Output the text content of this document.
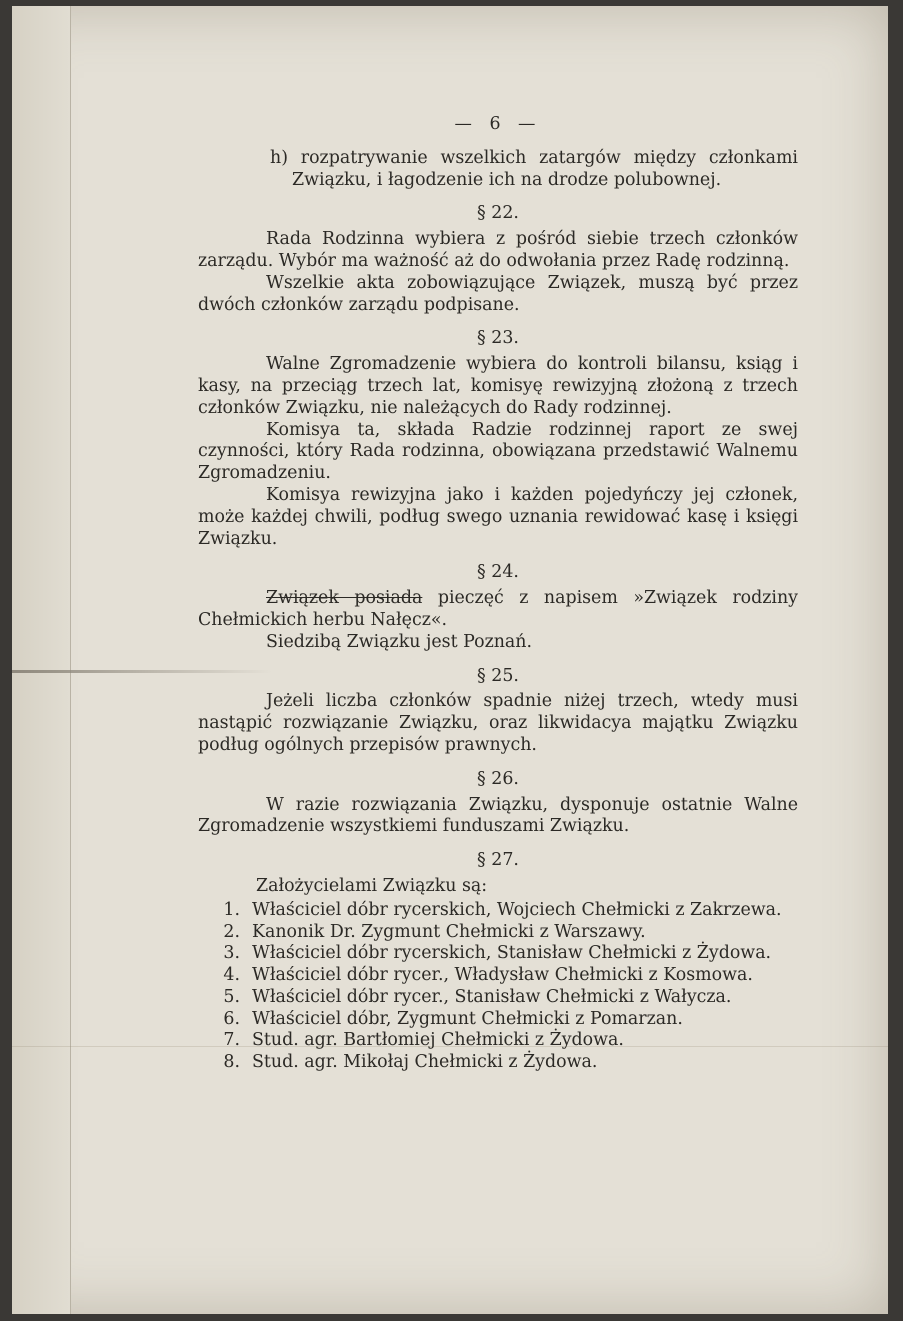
— 6 —

h) rozpatrywanie wszelkich zatargów między członkami Związku, i łagodzenie ich na drodze polubownej.

§ 22.

Rada Rodzinna wybiera z pośród siebie trzech członków zarządu. Wybór ma ważność aż do odwołania przez Radę rodzinną.

Wszelkie akta zobowiązujące Związek, muszą być przez dwóch członków zarządu podpisane.

§ 23.

Walne Zgromadzenie wybiera do kontroli bilansu, ksiąg i kasy, na przeciąg trzech lat, komisyę rewizyjną złożoną z trzech członków Związku, nie należących do Rady rodzinnej.

Komisya ta, składa Radzie rodzinnej raport ze swej czynności, który Rada rodzinna, obowiązana przedstawić Walnemu Zgromadzeniu.

Komisya rewizyjna jako i każden pojedyńczy jej członek, może każdej chwili, podług swego uznania rewidować kasę i księgi Związku.

§ 24.

Związek posiada pieczęć z napisem »Związek rodziny Chełmickich herbu Nałęcz«.

Siedzibą Związku jest Poznań.

§ 25.

Jeżeli liczba członków spadnie niżej trzech, wtedy musi nastąpić rozwiązanie Związku, oraz likwidacya majątku Związku podług ogólnych przepisów prawnych.

§ 26.

W razie rozwiązania Związku, dysponuje ostatnie Walne Zgromadzenie wszystkiemi funduszami Związku.

§ 27.
Założycielami Związku są:
1. Właściciel dóbr rycerskich, Wojciech Chełmicki z Zakrzewa.
2. Kanonik Dr. Zygmunt Chełmicki z Warszawy.
3. Właściciel dóbr rycerskich, Stanisław Chełmicki z Żydowa.
4. Właściciel dóbr rycer., Władysław Chełmicki z Kosmowa.
5. Właściciel dóbr rycer., Stanisław Chełmicki z Wałycza.
6. Właściciel dóbr, Zygmunt Chełmicki z Pomarzan.
7. Stud. agr. Bartłomiej Chełmicki z Żydowa.
8. Stud. agr. Mikołaj Chełmicki z Żydowa.
